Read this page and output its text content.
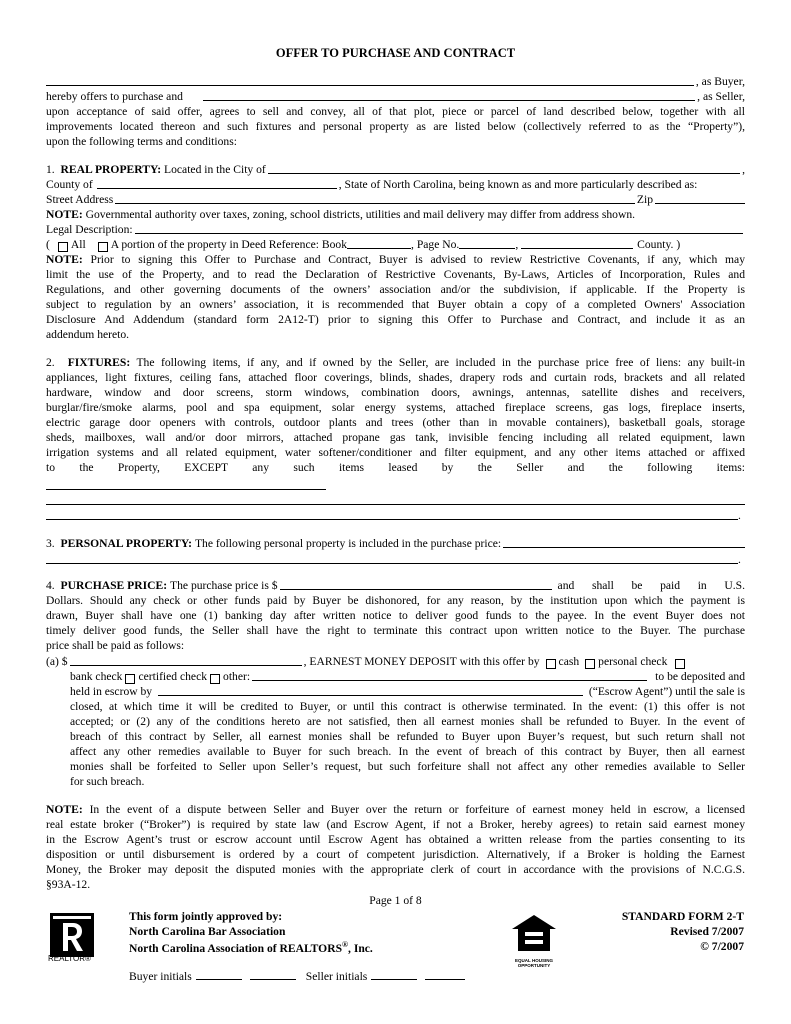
OFFER TO PURCHASE AND CONTRACT
, as Buyer,
hereby offers to purchase and	, as Seller,
upon acceptance of said offer, agrees to sell and convey, all of that plot, piece or parcel of land described below, together with all
improvements located thereon and such fixtures and personal property as are listed below (collectively referred to as the “Property”),
upon the following terms and conditions:
1.
REAL PROPERTY:
Located in the City of	,
County of	, State of North Carolina, being known as and more particularly described as:
Street Address	Zip
NOTE: Governmental authority over taxes, zoning, school districts, utilities and mail delivery may differ from address shown.
Legal Description:
( All A portion of the property in Deed Reference: Book	, Page No.	,	County. )
NOTE: Prior to signing this Offer to Purchase and Contract, Buyer is advised to review Restrictive Covenants, if any, which may
limit the use of the Property, and to read the Declaration of Restrictive Covenants, By-Laws, Articles of Incorporation, Rules and
Regulations, and other governing documents of the owners’ association and/or the subdivision, if applicable. If the Property is
subject to regulation by an owners’ association, it is recommended that Buyer obtain a copy of a completed Owners' Association
Disclosure And Addendum (standard form 2A12-T) prior to signing this Offer to Purchase and Contract, and include it as an
addendum hereto.
2. FIXTURES: The following items, if any, and if owned by the Seller, are included in the purchase price free of liens: any built-in
appliances, light fixtures, ceiling fans, attached floor coverings, blinds, shades, drapery rods and curtain rods, brackets and all related
hardware, window and door screens, storm windows, combination doors, awnings, antennas, satellite dishes and receivers,
burglar/fire/smoke alarms, pool and spa equipment, solar energy systems, attached fireplace screens, gas logs, fireplace inserts,
electric garage door openers with controls, outdoor plants and trees (other than in movable containers), basketball goals, storage
sheds, mailboxes, wall and/or door mirrors, attached propane gas tank, invisible fencing including all related equipment, lawn
irrigation systems and all related equipment, water softener/conditioner and filter equipment, and any other items attached or affixed
to the Property, EXCEPT any such items leased by the Seller and the following items:
.
3.
PERSONAL PROPERTY:
The following personal property is included in the purchase price:
.
4.
PURCHASE PRICE:
The purchase price is $	and shall be paid in U.S.
Dollars. Should any check or other funds paid by Buyer be dishonored, for any reason, by the institution upon which the payment is
drawn, Buyer shall have one (1) banking day after written notice to deliver good funds to the payee. In the event Buyer does not
timely deliver good funds, the Seller shall have the right to terminate this contract upon written notice to the Buyer. The purchase
price shall be paid as follows:
(a) $	, EARNEST MONEY DEPOSIT with this offer by cash personal check
bank check certified check other:	to be deposited and
held in escrow by	(“Escrow Agent”) until the sale is
closed, at which time it will be credited to Buyer, or until this contract is otherwise terminated. In the event: (1) this offer is not
accepted; or (2) any of the conditions hereto are not satisfied, then all earnest monies shall be refunded to Buyer. In the event of
breach of this contract by Seller, all earnest monies shall be refunded to Buyer upon Buyer’s request, but such return shall not
affect any other remedies available to Buyer for such breach. In the event of breach of this contract by Buyer, then all earnest
monies shall be forfeited to Seller upon Seller’s request, but such forfeiture shall not affect any other remedies available to Seller
for such breach.
NOTE: In the event of a dispute between Seller and Buyer over the return or forfeiture of earnest money held in escrow, a licensed
real estate broker (“Broker”) is required by state law (and Escrow Agent, if not a Broker, hereby agrees) to retain said earnest money
in the Escrow Agent’s trust or escrow account until Escrow Agent has obtained a written release from the parties consenting to its
disposition or until disbursement is ordered by a court of competent jurisdiction. Alternatively, if a Broker is holding the Earnest
Money, the Broker may deposit the disputed monies with the appropriate clerk of court in accordance with the provisions of N.C.G.S.
§93A-12.
Page 1 of 8
REALTOR®
This form jointly approved by:
North Carolina Bar Association
North Carolina Association of REALTORS®, Inc.
EQUAL HOUSING
OPPORTUNITY
STANDARD FORM 2-T
Revised 7/2007
© 7/2007
Buyer initials	Seller initials
